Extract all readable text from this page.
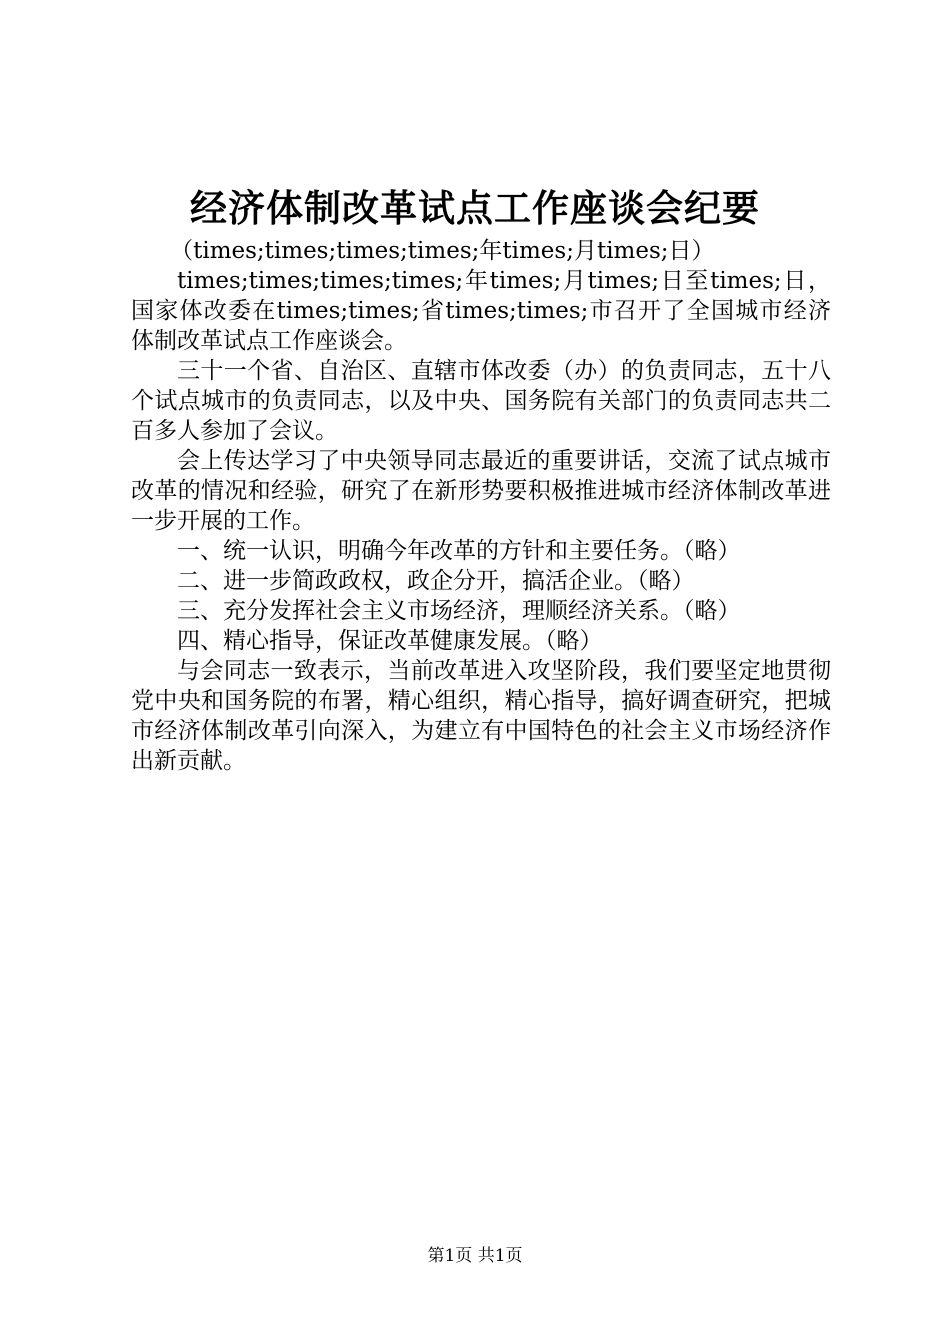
经济体制改革试点工作座谈会纪要

（times;times;times;times;年times;月times;日）

times;times;times;times;年times;月times;日至times;日，国家体改委在times;times;省times;times;市召开了全国城市经济体制改革试点工作座谈会。

三十一个省、自治区、直辖市体改委（办）的负责同志，五十八个试点城市的负责同志，以及中央、国务院有关部门的负责同志共二百多人参加了会议。

会上传达学习了中央领导同志最近的重要讲话，交流了试点城市改革的情况和经验，研究了在新形势要积极推进城市经济体制改革进一步开展的工作。

一、统一认识，明确今年改革的方针和主要任务。（略）

二、进一步简政政权，政企分开，搞活企业。（略）

三、充分发挥社会主义市场经济，理顺经济关系。（略）

四、精心指导，保证改革健康发展。（略）

与会同志一致表示，当前改革进入攻坚阶段，我们要坚定地贯彻党中央和国务院的布署，精心组织，精心指导，搞好调查研究，把城市经济体制改革引向深入，为建立有中国特色的社会主义市场经济作出新贡献。

第1页 共1页
